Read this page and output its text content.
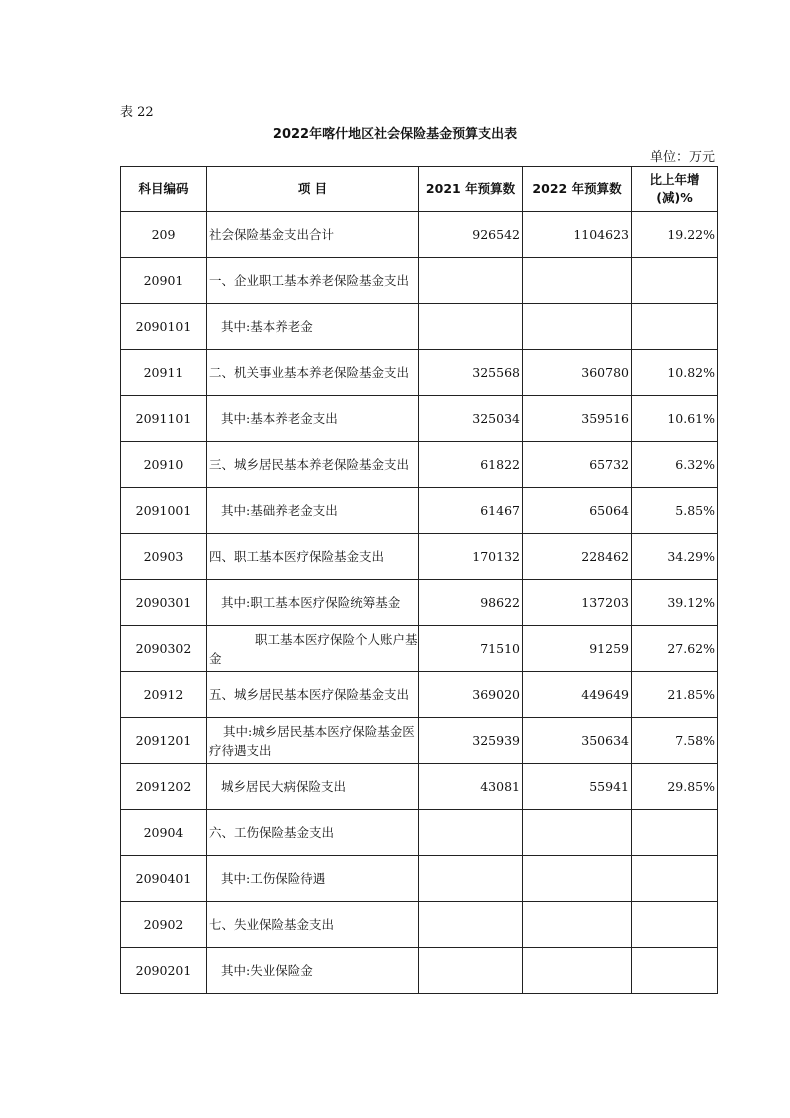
表 22
2022年喀什地区社会保险基金预算支出表
单位：万元
科目编码	项 目	2021 年预算数	2022 年预算数	比上年增
(减)%
209	社会保险基金支出合计	926542	1104623	19.22%
20901	一、企业职工基本养老保险基金支出			
2090101	其中:基本养老金			
20911	二、机关事业基本养老保险基金支出	325568	360780	10.82%
2091101	其中:基本养老金支出	325034	359516	10.61%
20910	三、城乡居民基本养老保险基金支出	61822	65732	6.32%
2091001	其中:基础养老金支出	61467	65064	5.85%
20903	四、职工基本医疗保险基金支出	170132	228462	34.29%
2090301	其中:职工基本医疗保险统筹基金	98622	137203	39.12%
2090302	职工基本医疗保险个人账户基金	71510	91259	27.62%
20912	五、城乡居民基本医疗保险基金支出	369020	449649	21.85%
2091201	其中:城乡居民基本医疗保险基金医疗待遇支出	325939	350634	7.58%
2091202	城乡居民大病保险支出	43081	55941	29.85%
20904	六、工伤保险基金支出			
2090401	其中:工伤保险待遇			
20902	七、失业保险基金支出			
2090201	其中:失业保险金			
